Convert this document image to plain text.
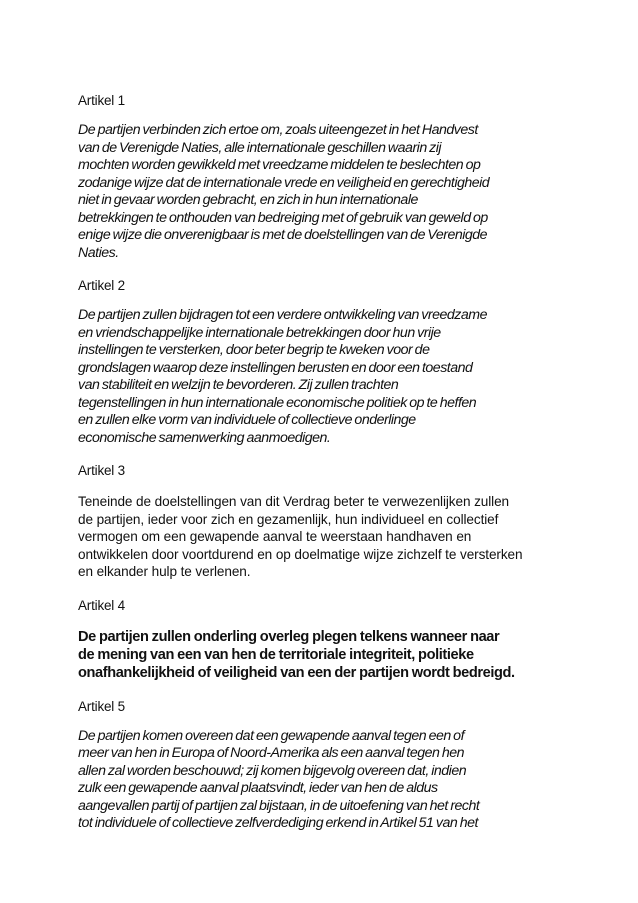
Artikel 1

De partijen verbinden zich ertoe om, zoals uiteengezet in het Handvest
van de Verenigde Naties, alle internationale geschillen waarin zij
mochten worden gewikkeld met vreedzame middelen te beslechten op
zodanige wijze dat de internationale vrede en veiligheid en gerechtigheid
niet in gevaar worden gebracht, en zich in hun internationale
betrekkingen te onthouden van bedreiging met of gebruik van geweld op
enige wijze die onverenigbaar is met de doelstellingen van de Verenigde
Naties.

Artikel 2

De partijen zullen bijdragen tot een verdere ontwikkeling van vreedzame
en vriendschappelijke internationale betrekkingen door hun vrije
instellingen te versterken, door beter begrip te kweken voor de
grondslagen waarop deze instellingen berusten en door een toestand
van stabiliteit en welzijn te bevorderen. Zij zullen trachten
tegenstellingen in hun internationale economische politiek op te heffen
en zullen elke vorm van individuele of collectieve onderlinge
economische samenwerking aanmoedigen.

Artikel 3

Teneinde de doelstellingen van dit Verdrag beter te verwezenlijken zullen
de partijen, ieder voor zich en gezamenlijk, hun individueel en collectief
vermogen om een gewapende aanval te weerstaan handhaven en
ontwikkelen door voortdurend en op doelmatige wijze zichzelf te versterken
en elkander hulp te verlenen.

Artikel 4

De partijen zullen onderling overleg plegen telkens wanneer naar
de mening van een van hen de territoriale integriteit, politieke
onafhankelijkheid of veiligheid van een der partijen wordt bedreigd.

Artikel 5

De partijen komen overeen dat een gewapende aanval tegen een of
meer van hen in Europa of Noord-Amerika als een aanval tegen hen
allen zal worden beschouwd; zij komen bijgevolg overeen dat, indien
zulk een gewapende aanval plaatsvindt, ieder van hen de aldus
aangevallen partij of partijen zal bijstaan, in de uitoefening van het recht
tot individuele of collectieve zelfverdediging erkend in Artikel 51 van het
